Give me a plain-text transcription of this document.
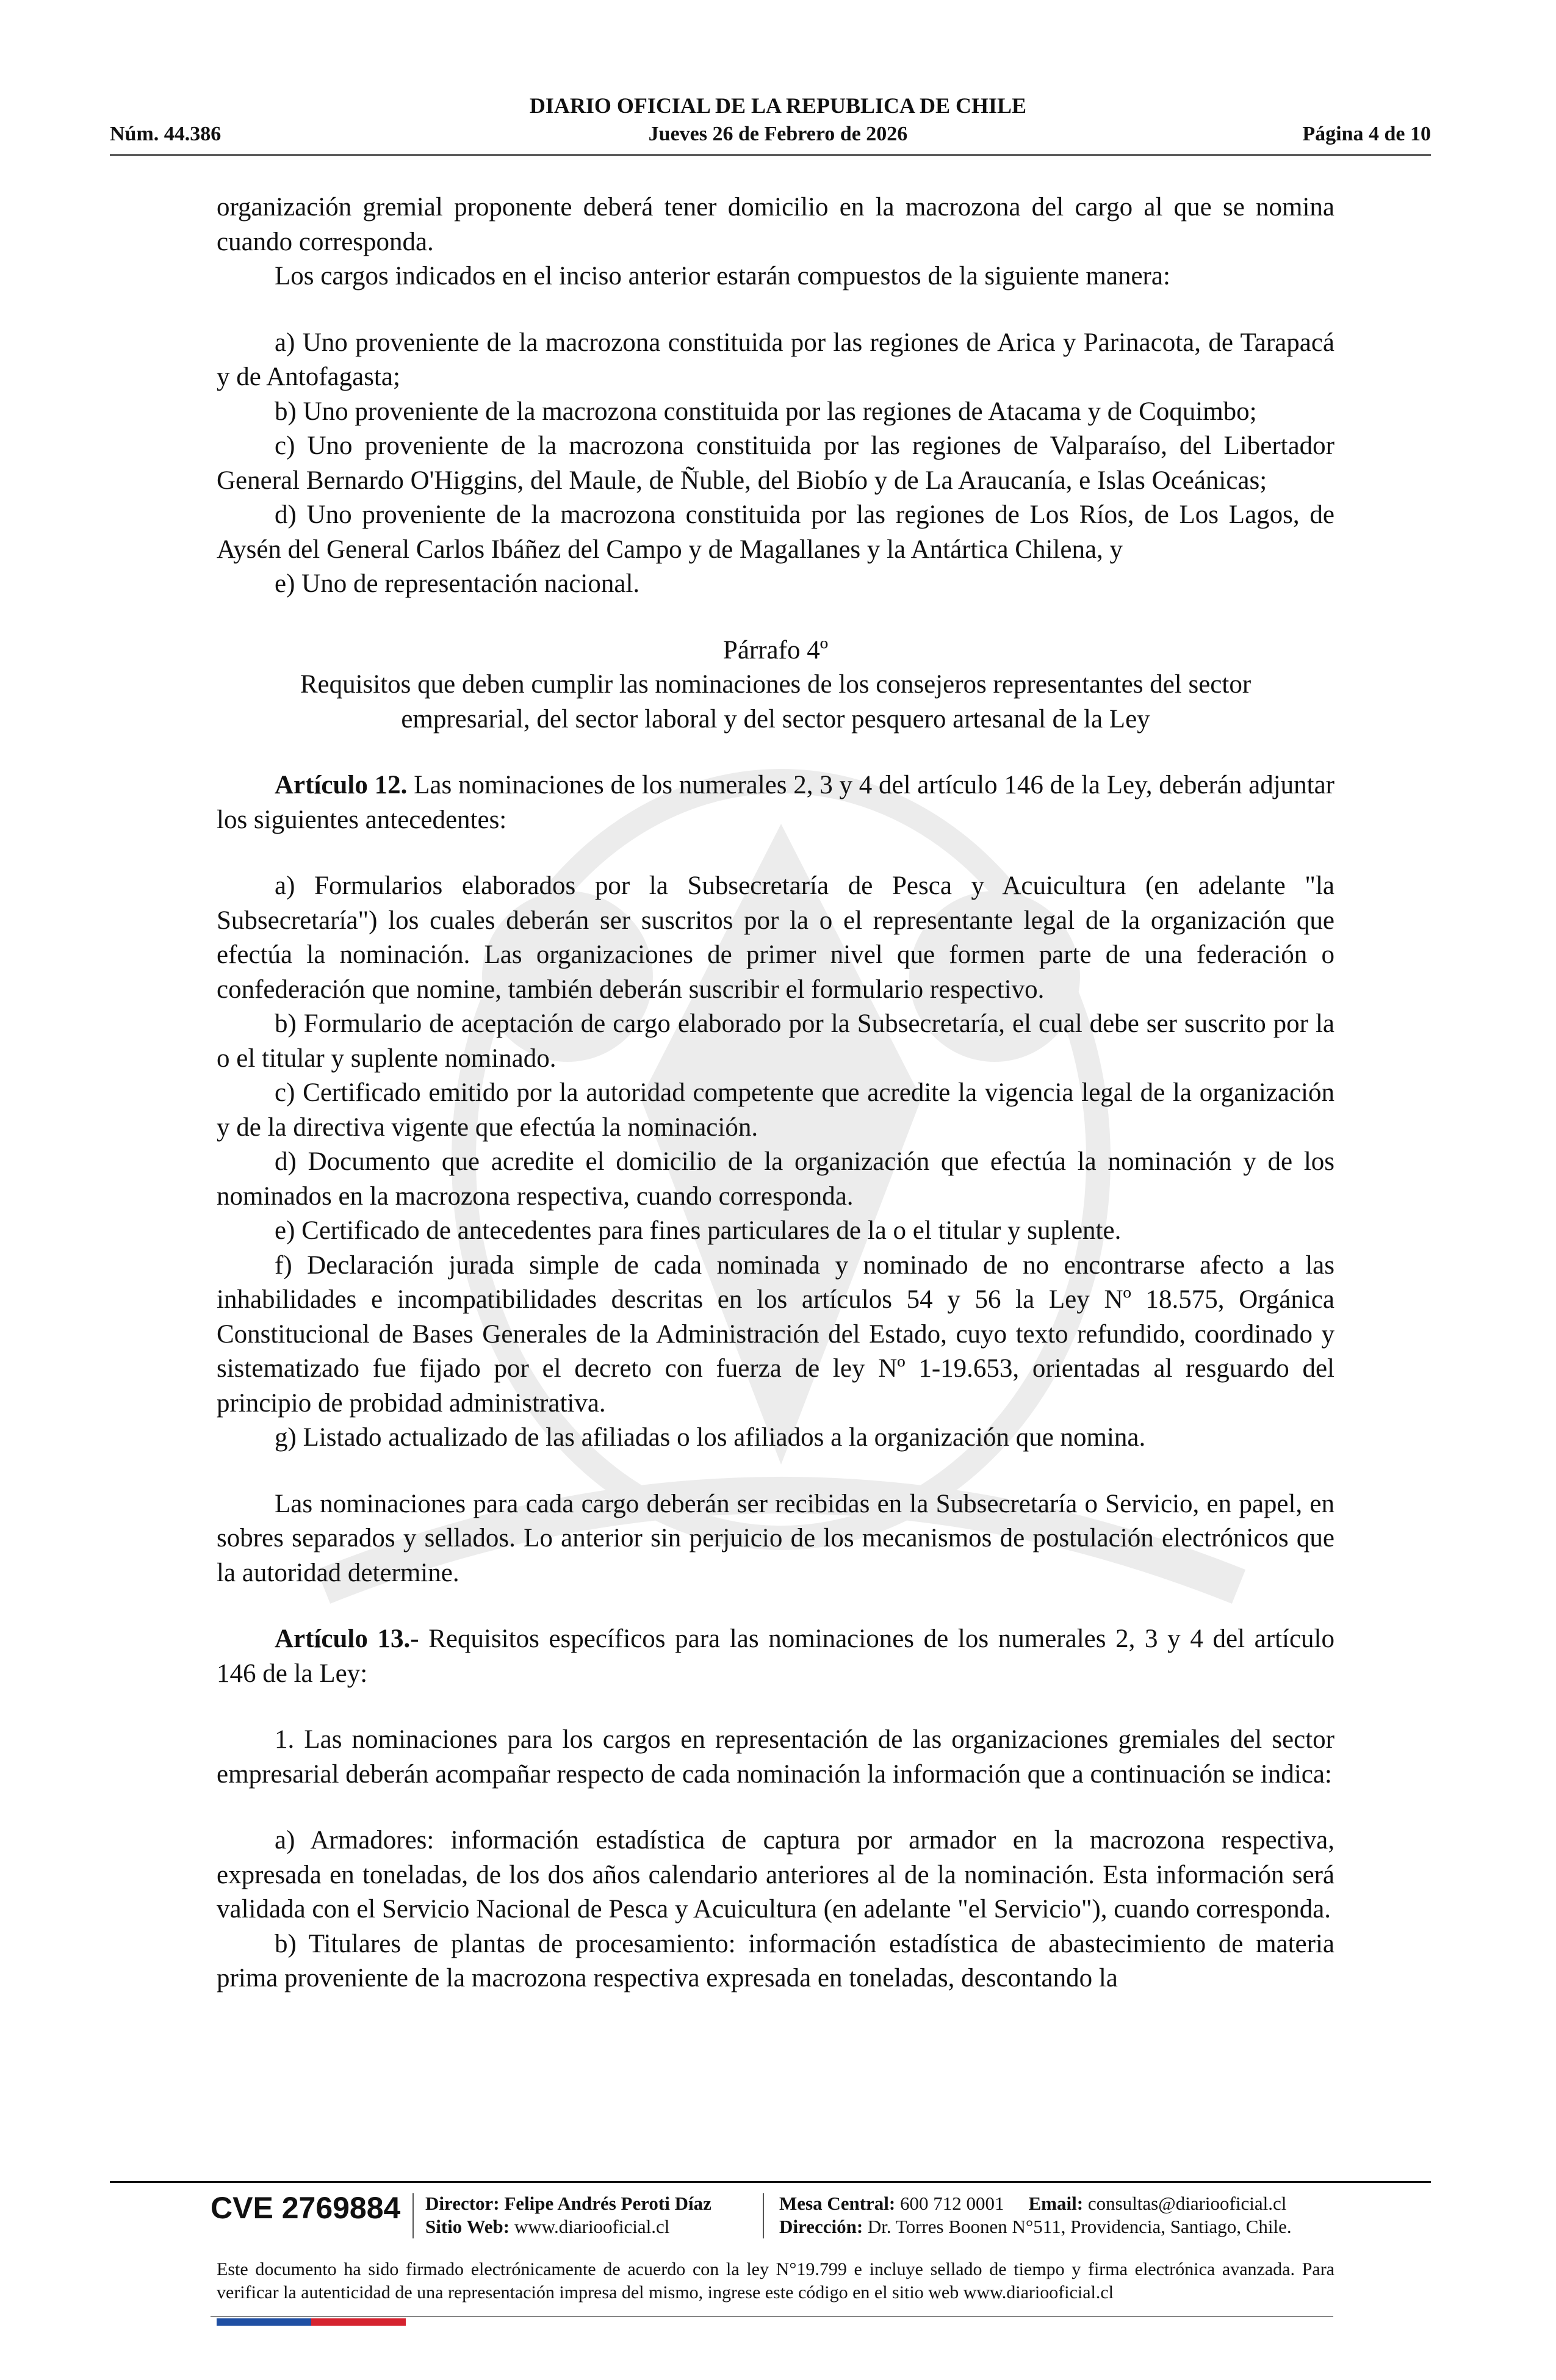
DIARIO OFICIAL DE LA REPUBLICA DE CHILE
Núm. 44.386	Jueves 26 de Febrero de 2026	Página 4 de 10

organización gremial proponente deberá tener domicilio en la macrozona del cargo al que se nomina cuando corresponda.

Los cargos indicados en el inciso anterior estarán compuestos de la siguiente manera:

a) Uno proveniente de la macrozona constituida por las regiones de Arica y Parinacota, de Tarapacá y de Antofagasta;

b) Uno proveniente de la macrozona constituida por las regiones de Atacama y de Coquimbo;

c) Uno proveniente de la macrozona constituida por las regiones de Valparaíso, del Libertador General Bernardo O'Higgins, del Maule, de Ñuble, del Biobío y de La Araucanía, e Islas Oceánicas;

d) Uno proveniente de la macrozona constituida por las regiones de Los Ríos, de Los Lagos, de Aysén del General Carlos Ibáñez del Campo y de Magallanes y la Antártica Chilena, y

e) Uno de representación nacional.

Párrafo 4º

Requisitos que deben cumplir las nominaciones de los consejeros representantes del sector empresarial, del sector laboral y del sector pesquero artesanal de la Ley

Artículo 12. Las nominaciones de los numerales 2, 3 y 4 del artículo 146 de la Ley, deberán adjuntar los siguientes antecedentes:

a) Formularios elaborados por la Subsecretaría de Pesca y Acuicultura (en adelante "la Subsecretaría") los cuales deberán ser suscritos por la o el representante legal de la organización que efectúa la nominación. Las organizaciones de primer nivel que formen parte de una federación o confederación que nomine, también deberán suscribir el formulario respectivo.

b) Formulario de aceptación de cargo elaborado por la Subsecretaría, el cual debe ser suscrito por la o el titular y suplente nominado.

c) Certificado emitido por la autoridad competente que acredite la vigencia legal de la organización y de la directiva vigente que efectúa la nominación.

d) Documento que acredite el domicilio de la organización que efectúa la nominación y de los nominados en la macrozona respectiva, cuando corresponda.

e) Certificado de antecedentes para fines particulares de la o el titular y suplente.

f) Declaración jurada simple de cada nominada y nominado de no encontrarse afecto a las inhabilidades e incompatibilidades descritas en los artículos 54 y 56 la Ley Nº 18.575, Orgánica Constitucional de Bases Generales de la Administración del Estado, cuyo texto refundido, coordinado y sistematizado fue fijado por el decreto con fuerza de ley Nº 1-19.653, orientadas al resguardo del principio de probidad administrativa.

g) Listado actualizado de las afiliadas o los afiliados a la organización que nomina.

Las nominaciones para cada cargo deberán ser recibidas en la Subsecretaría o Servicio, en papel, en sobres separados y sellados. Lo anterior sin perjuicio de los mecanismos de postulación electrónicos que la autoridad determine.

Artículo 13.- Requisitos específicos para las nominaciones de los numerales 2, 3 y 4 del artículo 146 de la Ley:

1. Las nominaciones para los cargos en representación de las organizaciones gremiales del sector empresarial deberán acompañar respecto de cada nominación la información que a continuación se indica:

a) Armadores: información estadística de captura por armador en la macrozona respectiva, expresada en toneladas, de los dos años calendario anteriores al de la nominación. Esta información será validada con el Servicio Nacional de Pesca y Acuicultura (en adelante "el Servicio"), cuando corresponda.

b) Titulares de plantas de procesamiento: información estadística de abastecimiento de materia prima proveniente de la macrozona respectiva expresada en toneladas, descontando la

CVE 2769884 Director: Felipe Andrés Peroti Díaz
Sitio Web: www.diariooficial.cl
Mesa Central: 600 712 0001 Email: consultas@diariooficial.cl
Dirección: Dr. Torres Boonen N°511, Providencia, Santiago, Chile.

Este documento ha sido firmado electrónicamente de acuerdo con la ley N°19.799 e incluye sellado de tiempo y firma electrónica avanzada. Para verificar la autenticidad de una representación impresa del mismo, ingrese este código en el sitio web www.diariooficial.cl
